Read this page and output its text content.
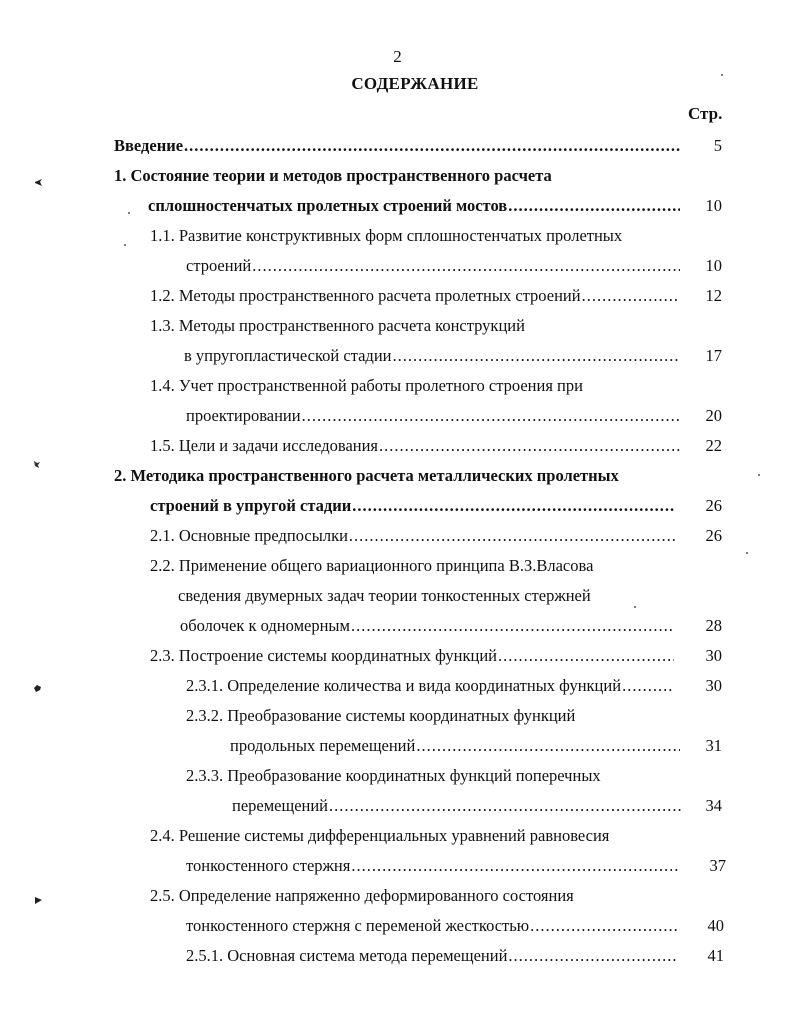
2
СОДЕРЖАНИЕ
Стр.
Введение .....	5
1. Состояние теории и методов пространственного расчета
сплошностенчатых пролетных строений мостов .....	10
1.1. Развитие конструктивных форм сплошностенчатых пролетных
строений .....	10
1.2. Методы пространственного расчета пролетных строений .....	12
1.3. Методы пространственного расчета конструкций
в упругопластической стадии .....	17
1.4. Учет пространственной работы пролетного строения при
проектировании .....	20
1.5. Цели и задачи исследования .....	22
2. Методика пространственного расчета металлических пролетных
строений в упругой стадии .....	26
2.1. Основные предпосылки .....	26
2.2. Применение общего вариационного принципа В.З.Власова
сведения двумерных задач теории тонкостенных стержней
оболочек к одномерным .....	28
2.3. Построение системы координатных функций .....	30
2.3.1. Определение количества и вида координатных функций .....	30
2.3.2. Преобразование системы координатных функций
продольных перемещений .....	31
2.3.3. Преобразование координатных функций поперечных
перемещений .....	34
2.4. Решение системы дифференциальных уравнений равновесия
тонкостенного стержня .....	37
2.5. Определение напряженно деформированного состояния
тонкостенного стержня с переменой жесткостью .....	40
2.5.1. Основная система метода перемещений .....	41
